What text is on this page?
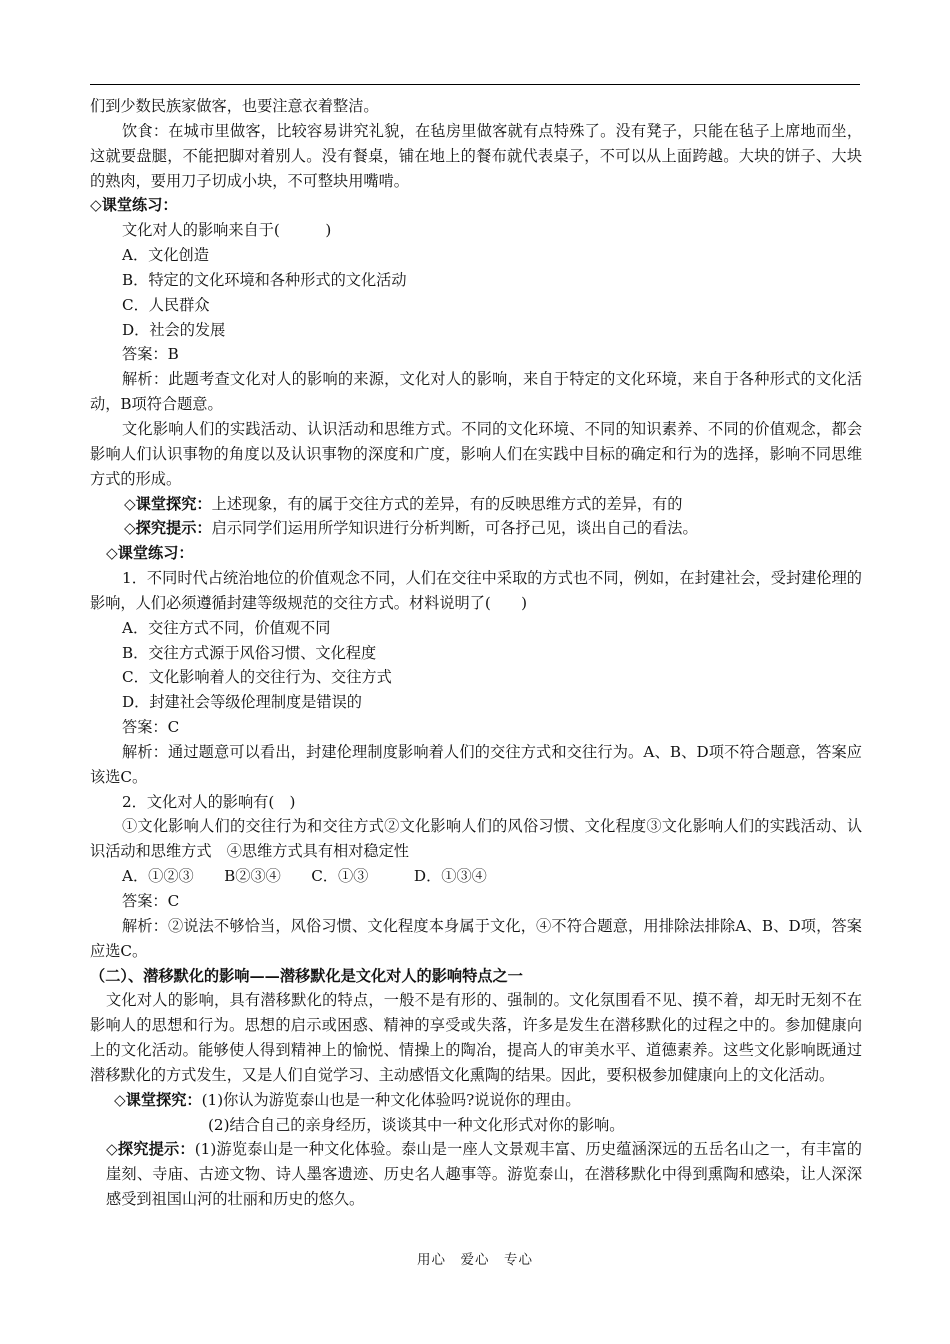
们到少数民族家做客，也要注意衣着整洁。

饮食：在城市里做客，比较容易讲究礼貌，在毡房里做客就有点特殊了。没有凳子，只能在毡子上席地而坐，这就要盘腿，不能把脚对着别人。没有餐桌，铺在地上的餐布就代表桌子，不可以从上面跨越。大块的饼子、大块的熟肉，要用刀子切成小块，不可整块用嘴啃。

◇课堂练习：

文化对人的影响来自于(　　　)

A．文化创造

B．特定的文化环境和各种形式的文化活动

C．人民群众

D．社会的发展

答案：B

解析：此题考查文化对人的影响的来源，文化对人的影响，来自于特定的文化环境，来自于各种形式的文化活动，B项符合题意。

文化影响人们的实践活动、认识活动和思维方式。不同的文化环境、不同的知识素养、不同的价值观念，都会影响人们认识事物的角度以及认识事物的深度和广度，影响人们在实践中目标的确定和行为的选择，影响不同思维方式的形成。

◇课堂探究：上述现象，有的属于交往方式的差异，有的反映思维方式的差异，有的

◇探究提示：启示同学们运用所学知识进行分析判断，可各抒己见，谈出自己的看法。

◇课堂练习：

1．不同时代占统治地位的价值观念不同，人们在交往中采取的方式也不同，例如，在封建社会，受封建伦理的影响，人们必须遵循封建等级规范的交往方式。材料说明了(　　)

A．交往方式不同，价值观不同

B．交往方式源于风俗习惯、文化程度

C．文化影响着人的交往行为、交往方式

D．封建社会等级伦理制度是错误的

答案：C

解析：通过题意可以看出，封建伦理制度影响着人们的交往方式和交往行为。A、B、D项不符合题意，答案应该选C。

2．文化对人的影响有(　)

①文化影响人们的交往行为和交往方式②文化影响人们的风俗习惯、文化程度③文化影响人们的实践活动、认识活动和思维方式　④思维方式具有相对稳定性

A．①②③　　B②③④　　C．①③　　　D．①③④

答案：C

解析：②说法不够恰当，风俗习惯、文化程度本身属于文化，④不符合题意，用排除法排除A、B、D项，答案应选C。

（二）、潜移默化的影响——潜移默化是文化对人的影响特点之一

文化对人的影响，具有潜移默化的特点，一般不是有形的、强制的。文化氛围看不见、摸不着，却无时无刻不在影响人的思想和行为。思想的启示或困惑、精神的享受或失落，许多是发生在潜移默化的过程之中的。参加健康向上的文化活动。能够使人得到精神上的愉悦、情操上的陶冶，提高人的审美水平、道德素养。这些文化影响既通过潜移默化的方式发生，又是人们自觉学习、主动感悟文化熏陶的结果。因此，要积极参加健康向上的文化活动。

◇课堂探究：(1)你认为游览泰山也是一种文化体验吗?说说你的理由。

(2)结合自己的亲身经历，谈谈其中一种文化形式对你的影响。

◇探究提示：(1)游览泰山是一种文化体验。泰山是一座人文景观丰富、历史蕴涵深远的五岳名山之一，有丰富的崖刻、寺庙、古迹文物、诗人墨客遗迹、历史名人趣事等。游览泰山，在潜移默化中得到熏陶和感染，让人深深感受到祖国山河的壮丽和历史的悠久。

用心　爱心　专心
